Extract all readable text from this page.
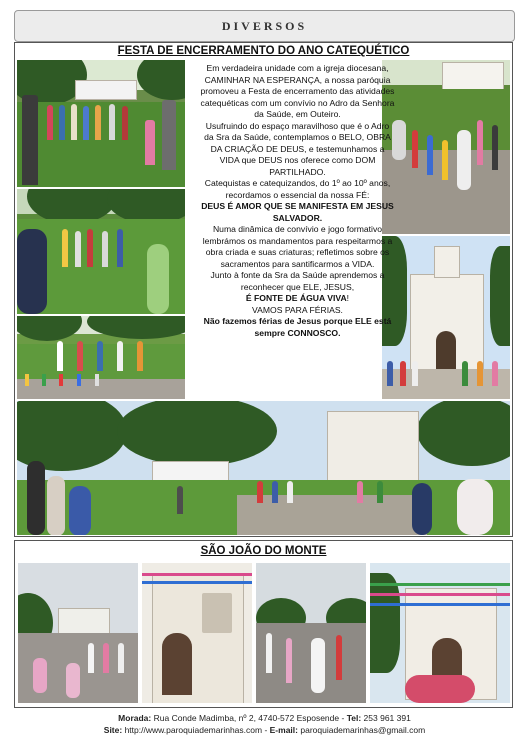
DIVERSOS
FESTA DE ENCERRAMENTO DO ANO CATEQUÉTICO

Em verdadeira unidade com a igreja diocesana, CAMINHAR NA ESPERANÇA, a nossa paróquia promoveu a Festa de encerramento das atividades catequéticas com um convívio no Adro da Senhora da Saúde, em Outeiro.

Usufruindo do espaço maravilhoso que é o Adro da Sra da Saúde, contemplamos o BELO, OBRA DA CRIAÇÃO DE DEUS, e testemunhamos a VIDA que DEUS nos oferece como DOM PARTILHADO.

Catequistas e catequizandos, do 1º ao 10º anos, recordamos o essencial da nossa FÉ:

DEUS É AMOR QUE SE MANIFESTA EM JESUS SALVADOR.

Numa dinâmica de convívio e jogo formativo lembrámos os mandamentos para respeitarmos a obra criada e suas criaturas; refletimos sobre os sacramentos para santificarmos a VIDA.

Junto à fonte da Sra da Saúde aprendemos a reconhecer que ELE, JESUS,

É FONTE DE ÁGUA VIVA!

VAMOS PARA FÉRIAS.

Não fazemos férias de Jesus porque ELE está sempre CONNOSCO.

SÃO JOÃO DO MONTE
Morada: Rua Conde Madimba, nº 2, 4740-572 Esposende - Tel: 253 961 391
Site: http://www.paroquiademarinhas.com - E-mail: paroquiademarinhas@gmail.com
